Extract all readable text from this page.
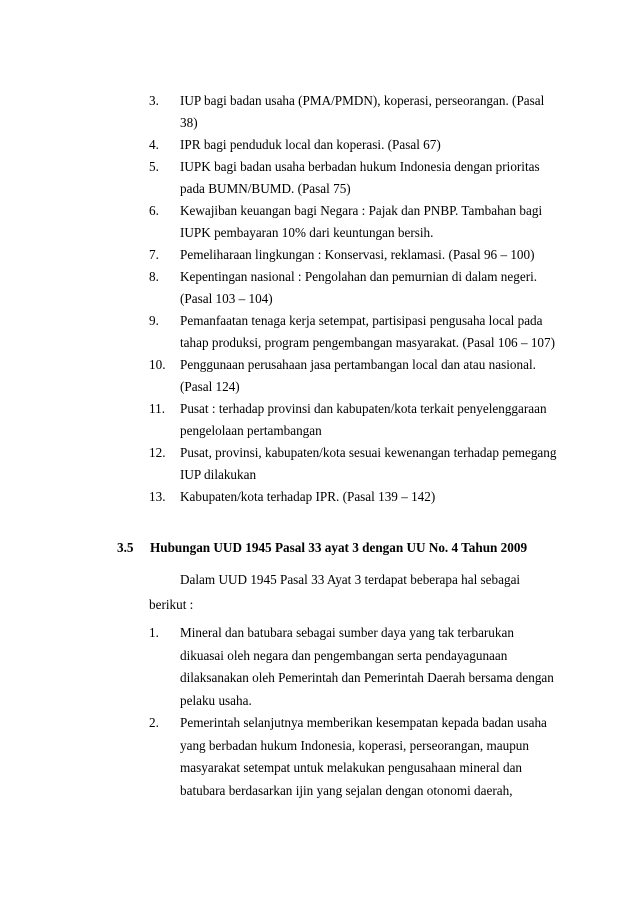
3. IUP bagi badan usaha (PMA/PMDN), koperasi, perseorangan. (Pasal 38)
4. IPR bagi penduduk local dan koperasi. (Pasal 67)
5. IUPK bagi badan usaha berbadan hukum Indonesia dengan prioritas pada BUMN/BUMD. (Pasal 75)
6. Kewajiban keuangan bagi Negara : Pajak dan PNBP. Tambahan bagi IUPK pembayaran 10% dari keuntungan bersih.
7. Pemeliharaan lingkungan : Konservasi, reklamasi. (Pasal 96 – 100)
8. Kepentingan nasional : Pengolahan dan pemurnian di dalam negeri. (Pasal 103 – 104)
9. Pemanfaatan tenaga kerja setempat, partisipasi pengusaha local pada tahap produksi, program pengembangan masyarakat. (Pasal 106 – 107)
10. Penggunaan perusahaan jasa pertambangan local dan atau nasional. (Pasal 124)
11. Pusat : terhadap provinsi dan kabupaten/kota terkait penyelenggaraan pengelolaan pertambangan
12. Pusat, provinsi, kabupaten/kota sesuai kewenangan terhadap pemegang IUP dilakukan
13. Kabupaten/kota terhadap IPR. (Pasal 139 – 142)
3.5 Hubungan UUD 1945 Pasal 33 ayat 3 dengan UU No. 4 Tahun 2009

Dalam UUD 1945 Pasal 33 Ayat 3 terdapat beberapa hal sebagai berikut :

1. Mineral dan batubara sebagai sumber daya yang tak terbarukan dikuasai oleh negara dan pengembangan serta pendayagunaan dilaksanakan oleh Pemerintah dan Pemerintah Daerah bersama dengan pelaku usaha.
2. Pemerintah selanjutnya memberikan kesempatan kepada badan usaha yang berbadan hukum Indonesia, koperasi, perseorangan, maupun masyarakat setempat untuk melakukan pengusahaan mineral dan batubara berdasarkan ijin yang sejalan dengan otonomi daerah,
